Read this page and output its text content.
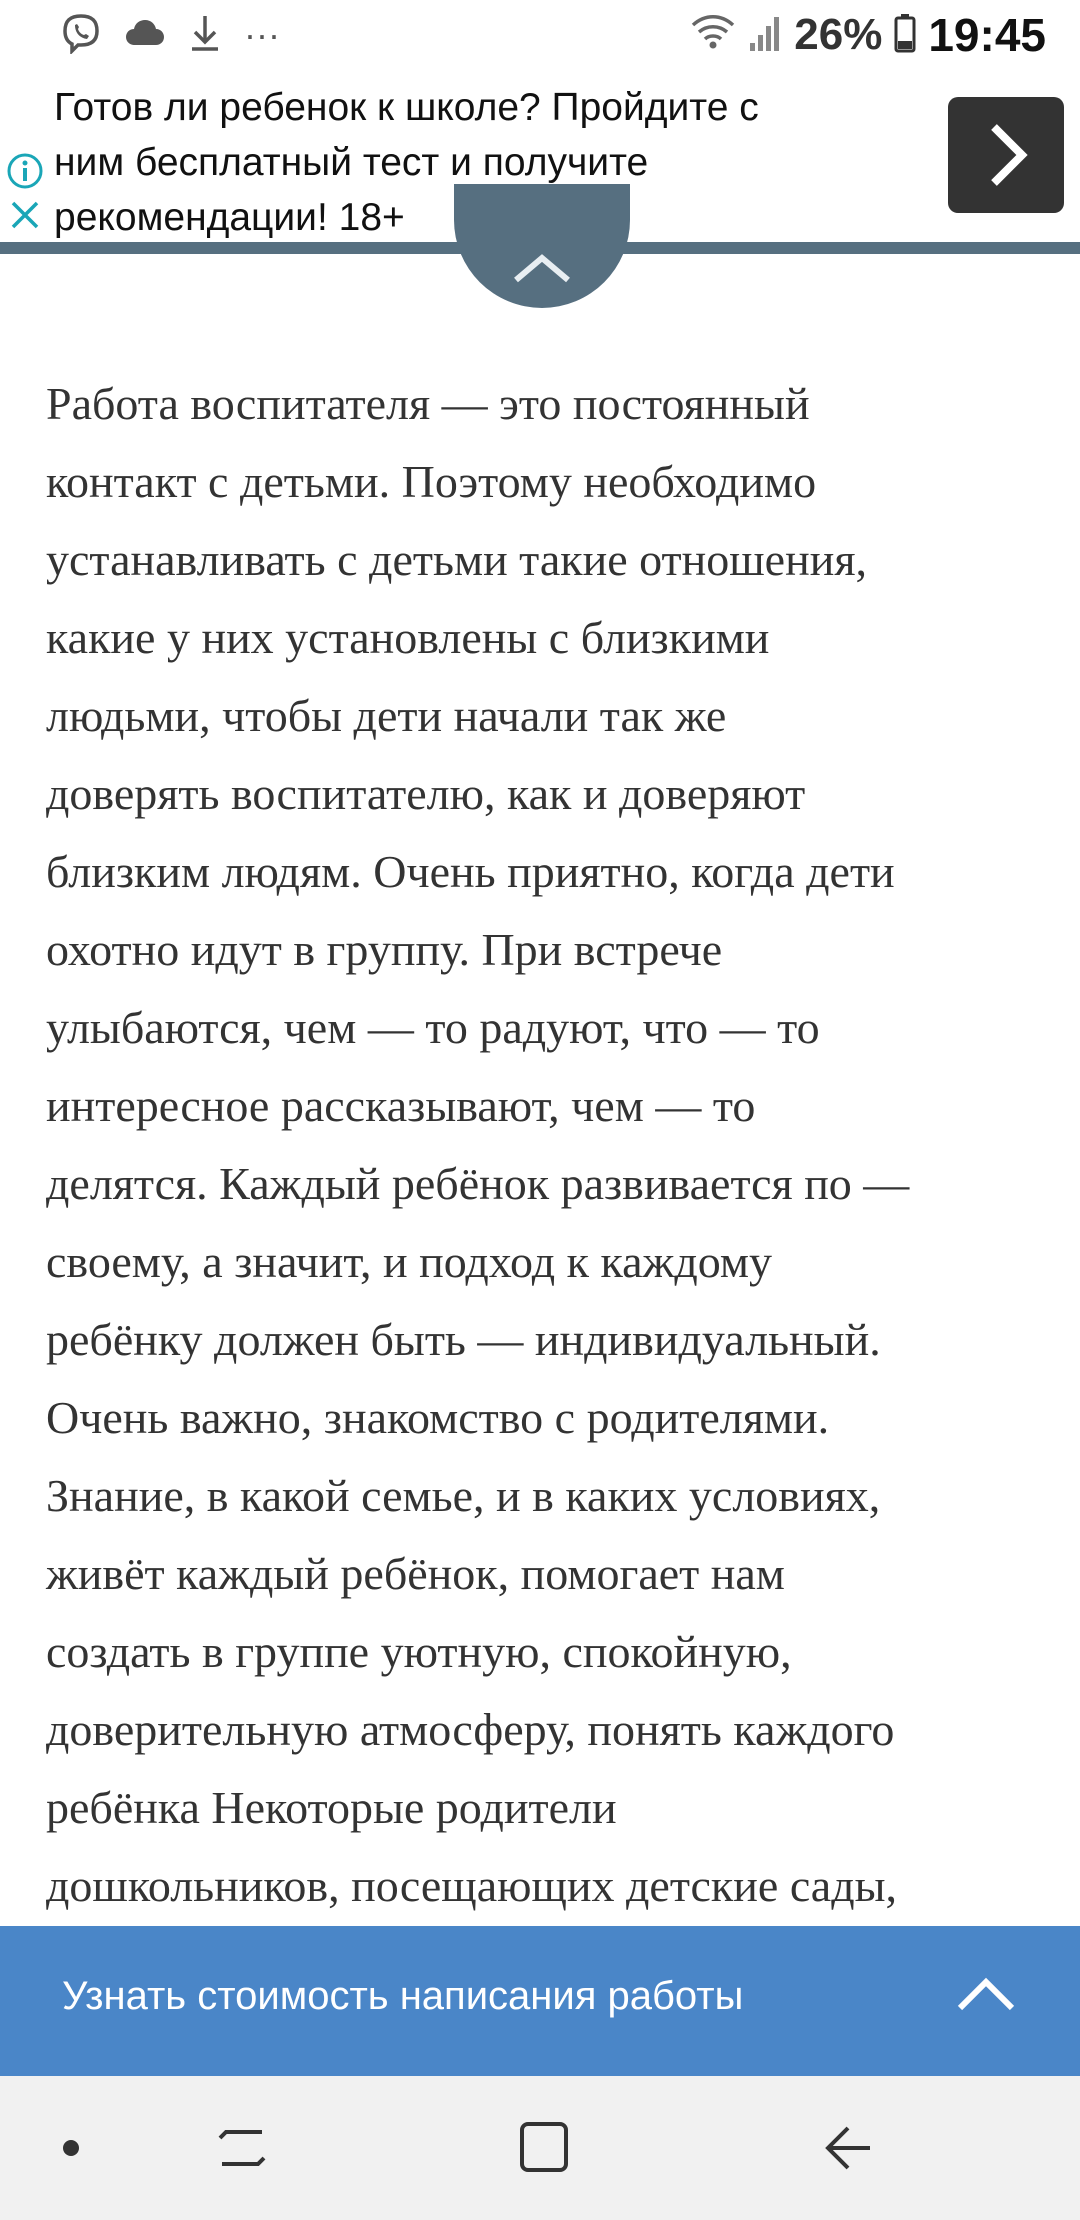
···	26% 19:45
Готов ли ребенок к школе? Пройдите с
ним бесплатный тест и получите
рекомендации! 18+
Работа воспитателя — это постоянный
контакт с детьми. Поэтому необходимо
устанавливать с детьми такие отношения,
какие у них установлены с близкими
людьми, чтобы дети начали так же
доверять воспитателю, как и доверяют
близким людям. Очень приятно, когда дети
охотно идут в группу. При встрече
улыбаются, чем — то радуют, что — то
интересное рассказывают, чем — то
делятся. Каждый ребёнок развивается по —
своему, а значит, и подход к каждому
ребёнку должен быть — индивидуальный.
Очень важно, знакомство с родителями.
Знание, в какой семье, и в каких условиях,
живёт каждый ребёнок, помогает нам
создать в группе уютную, спокойную,
доверительную атмосферу, понять каждого
ребёнка Некоторые родители
дошкольников, посещающих детские сады,
Узнать стоимость написания работы
